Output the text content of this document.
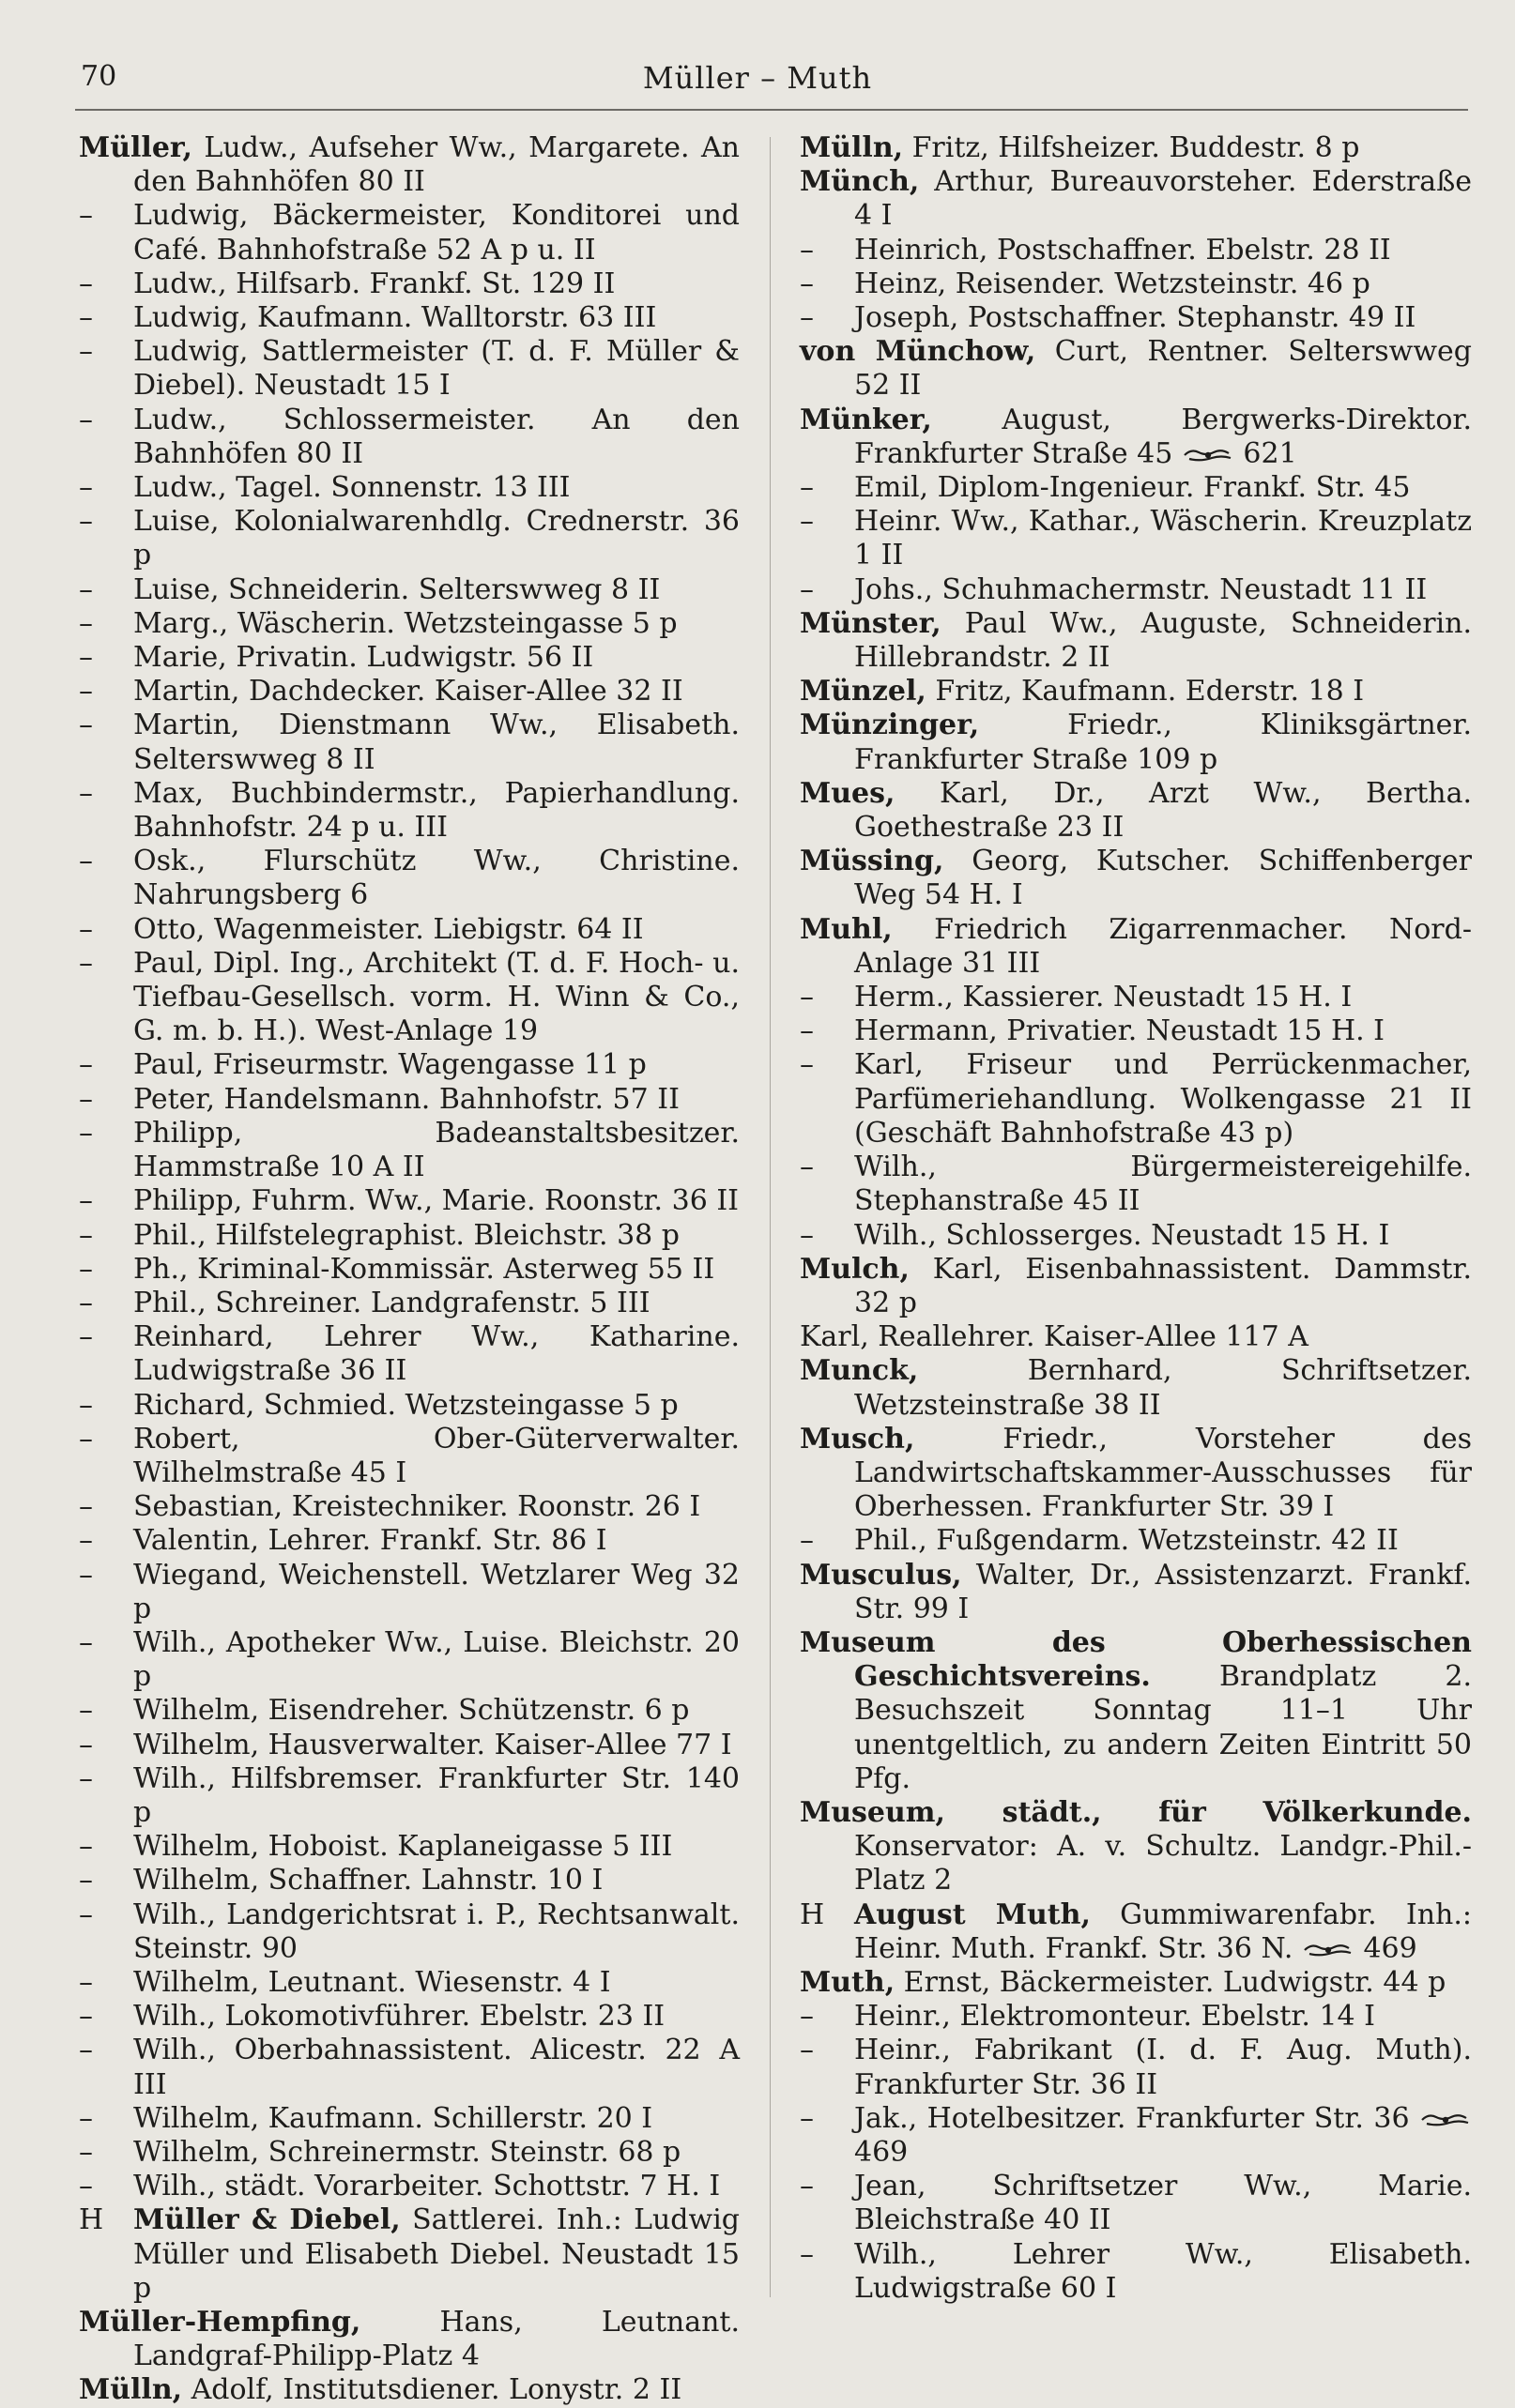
70	Müller – Muth
Müller, Ludw., Aufseher Ww., Margarete. An den Bahnhöfen 80 II
– Ludwig, Bäckermeister, Konditorei und Café. Bahnhofstraße 52 A p u. II
– Ludw., Hilfsarb. Frankf. St. 129 II
– Ludwig, Kaufmann. Walltorstr. 63 III
– Ludwig, Sattlermeister (T. d. F. Müller & Diebel). Neustadt 15 I
– Ludw., Schlossermeister. An den Bahnhöfen 80 II
– Ludw., Tagel. Sonnenstr. 13 III
– Luise, Kolonialwarenhdlg. Crednerstr. 36 p
– Luise, Schneiderin. Selterswweg 8 II
– Marg., Wäscherin. Wetzsteingasse 5 p
– Marie, Privatin. Ludwigstr. 56 II
– Martin, Dachdecker. Kaiser-Allee 32 II
– Martin, Dienstmann Ww., Elisabeth. Selterswweg 8 II
– Max, Buchbindermstr., Papierhandlung. Bahnhofstr. 24 p u. III
– Osk., Flurschütz Ww., Christine. Nahrungsberg 6
– Otto, Wagenmeister. Liebigstr. 64 II
– Paul, Dipl. Ing., Architekt (T. d. F. Hoch- u. Tiefbau-Gesellsch. vorm. H. Winn & Co., G. m. b. H.). West-Anlage 19
– Paul, Friseurmstr. Wagengasse 11 p
– Peter, Handelsmann. Bahnhofstr. 57 II
– Philipp, Badeanstaltsbesitzer. Hammstraße 10 A II
– Philipp, Fuhrm. Ww., Marie. Roonstr. 36 II
– Phil., Hilfstelegraphist. Bleichstr. 38 p
– Ph., Kriminal-Kommissär. Asterweg 55 II
– Phil., Schreiner. Landgrafenstr. 5 III
– Reinhard, Lehrer Ww., Katharine. Ludwigstraße 36 II
– Richard, Schmied. Wetzsteingasse 5 p
– Robert, Ober-Güterverwalter. Wilhelmstraße 45 I
– Sebastian, Kreistechniker. Roonstr. 26 I
– Valentin, Lehrer. Frankf. Str. 86 I
– Wiegand, Weichenstell. Wetzlarer Weg 32 p
– Wilh., Apotheker Ww., Luise. Bleichstr. 20 p
– Wilhelm, Eisendreher. Schützenstr. 6 p
– Wilhelm, Hausverwalter. Kaiser-Allee 77 I
– Wilh., Hilfsbremser. Frankfurter Str. 140 p
– Wilhelm, Hoboist. Kaplaneigasse 5 III
– Wilhelm, Schaffner. Lahnstr. 10 I
– Wilh., Landgerichtsrat i. P., Rechtsanwalt. Steinstr. 90
– Wilhelm, Leutnant. Wiesenstr. 4 I
– Wilh., Lokomotivführer. Ebelstr. 23 II
– Wilh., Oberbahnassistent. Alicestr. 22 A III
– Wilhelm, Kaufmann. Schillerstr. 20 I
– Wilhelm, Schreinermstr. Steinstr. 68 p
– Wilh., städt. Vorarbeiter. Schottstr. 7 H. I
H Müller & Diebel, Sattlerei. Inh.: Ludwig Müller und Elisabeth Diebel. Neustadt 15 p
Müller-Hempfing, Hans, Leutnant. Landgraf-Philipp-Platz 4
Mülln, Adolf, Institutsdiener. Lonystr. 2 II
Mülln, Fritz, Hilfsheizer. Buddestr. 8 p
Münch, Arthur, Bureauvorsteher. Ederstraße 4 I
– Heinrich, Postschaffner. Ebelstr. 28 II
– Heinz, Reisender. Wetzsteinstr. 46 p
– Joseph, Postschaffner. Stephanstr. 49 II
von Münchow, Curt, Rentner. Selterswweg 52 II
Münker, August, Bergwerks-Direktor. Frankfurter Straße 45  621
– Emil, Diplom-Ingenieur. Frankf. Str. 45
– Heinr. Ww., Kathar., Wäscherin. Kreuzplatz 1 II
– Johs., Schuhmachermstr. Neustadt 11 II
Münster, Paul Ww., Auguste, Schneiderin. Hillebrandstr. 2 II
Münzel, Fritz, Kaufmann. Ederstr. 18 I
Münzinger, Friedr., Kliniksgärtner. Frankfurter Straße 109 p
Mues, Karl, Dr., Arzt Ww., Bertha. Goethestraße 23 II
Müssing, Georg, Kutscher. Schiffenberger Weg 54 H. I
Muhl, Friedrich Zigarrenmacher. Nord-Anlage 31 III
– Herm., Kassierer. Neustadt 15 H. I
– Hermann, Privatier. Neustadt 15 H. I
– Karl, Friseur und Perrückenmacher, Parfümeriehandlung. Wolkengasse 21 II (Geschäft Bahnhofstraße 43 p)
– Wilh., Bürgermeistereigehilfe. Stephanstraße 45 II
– Wilh., Schlosserges. Neustadt 15 H. I
Mulch, Karl, Eisenbahnassistent. Dammstr. 32 p
Karl, Reallehrer. Kaiser-Allee 117 A
Munck, Bernhard, Schriftsetzer. Wetzsteinstraße 38 II
Musch, Friedr., Vorsteher des Landwirtschaftskammer-Ausschusses für Oberhessen. Frankfurter Str. 39 I
– Phil., Fußgendarm. Wetzsteinstr. 42 II
Musculus, Walter, Dr., Assistenzarzt. Frankf. Str. 99 I
Museum des Oberhessischen Geschichtsvereins. Brandplatz 2. Besuchszeit Sonntag 11–1 Uhr unentgeltlich, zu andern Zeiten Eintritt 50 Pfg.
Museum, städt., für Völkerkunde. Konservator: A. v. Schultz. Landgr.-Phil.-Platz 2
H August Muth, Gummiwarenfabr. Inh.: Heinr. Muth. Frankf. Str. 36 N.  469
Muth, Ernst, Bäckermeister. Ludwigstr. 44 p
– Heinr., Elektromonteur. Ebelstr. 14 I
– Heinr., Fabrikant (I. d. F. Aug. Muth). Frankfurter Str. 36 II
– Jak., Hotelbesitzer. Frankfurter Str. 36  469
– Jean, Schriftsetzer Ww., Marie. Bleichstraße 40 II
– Wilh., Lehrer Ww., Elisabeth. Ludwigstraße 60 I
